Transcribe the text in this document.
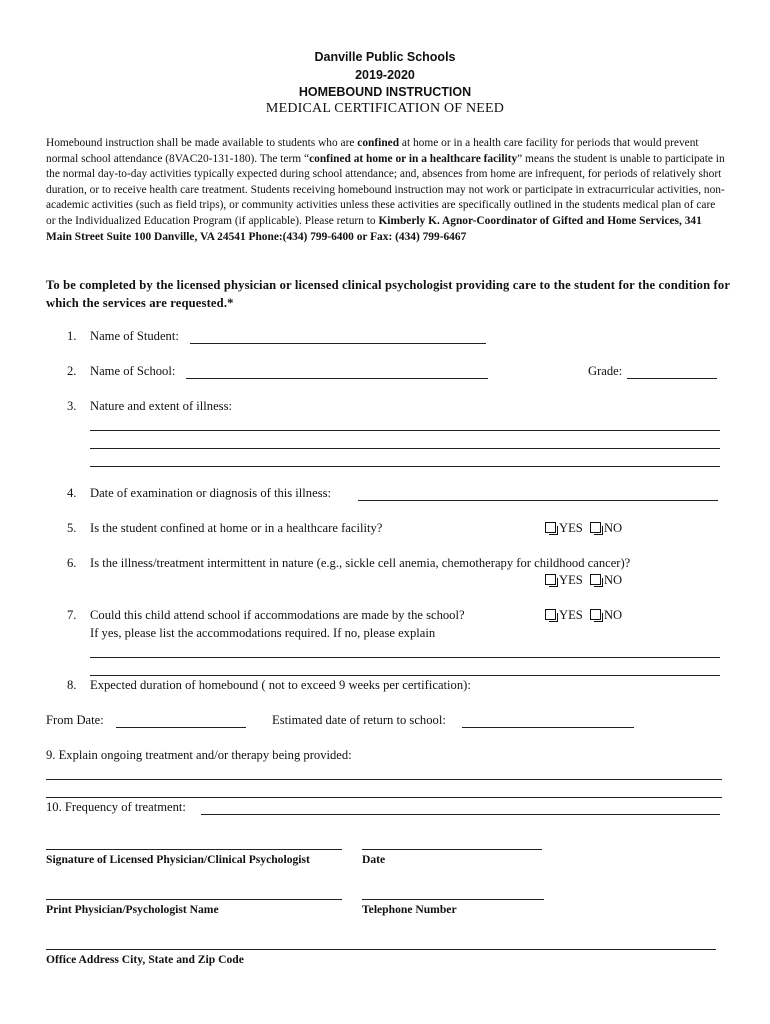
Danville Public Schools
2019-2020
HOMEBOUND INSTRUCTION
MEDICAL CERTIFICATION OF NEED
Homebound instruction shall be made available to students who are confined at home or in a health care facility for periods that would prevent normal school attendance (8VAC20-131-180). The term “confined at home or in a healthcare facility” means the student is unable to participate in the normal day-to-day activities typically expected during school attendance; and, absences from home are infrequent, for periods of relatively short duration, or to receive health care treatment. Students receiving homebound instruction may not work or participate in extracurricular activities, non-academic activities (such as field trips), or community activities unless these activities are specifically outlined in the students medical plan of care or the Individualized Education Program (if applicable). Please return to Kimberly K. Agnor-Coordinator of Gifted and Home Services, 341 Main Street Suite 100 Danville, VA 24541 Phone:(434) 799-6400 or Fax: (434) 799-6467
To be completed by the licensed physician or licensed clinical psychologist providing care to the student for the condition for which the services are requested.*
1. Name of Student:
2. Name of School:	Grade:
3. Nature and extent of illness:
4. Date of examination or diagnosis of this illness:
5. Is the student confined at home or in a healthcare facility?	YES NO
6. Is the illness/treatment intermittent in nature (e.g., sickle cell anemia, chemotherapy for childhood cancer)?
YES NO
7. Could this child attend school if accommodations are made by the school?	YES NO
If yes, please list the accommodations required. If no, please explain
8. Expected duration of homebound ( not to exceed 9 weeks per certification):
From Date:	Estimated date of return to school:
9. Explain ongoing treatment and/or therapy being provided:
10. Frequency of treatment:
Signature of Licensed Physician/Clinical Psychologist	Date
Print Physician/Psychologist Name	Telephone Number
Office Address City, State and Zip Code
